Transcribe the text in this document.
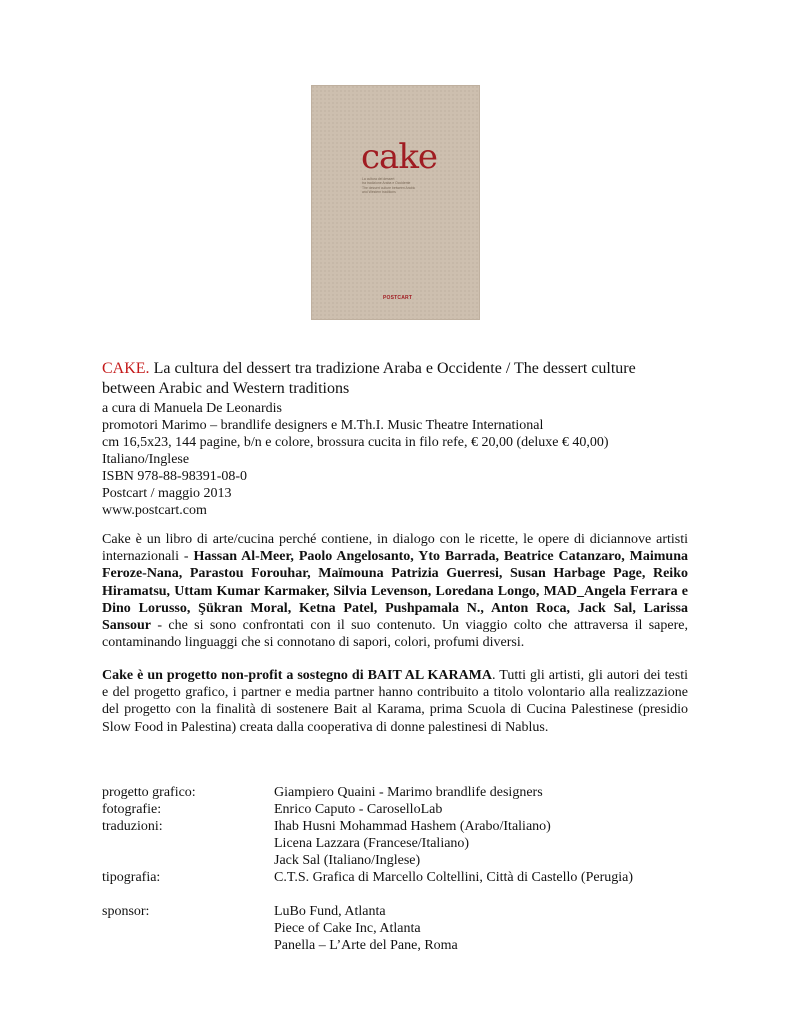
cake
La cultura del dessert
tra tradizione Araba e Occidente
The dessert culture between Arabic
and Western traditions
POSTCART
CAKE. La cultura del dessert tra tradizione Araba e Occidente / The dessert culture between Arabic and Western traditions
a cura di Manuela De Leonardis
promotori Marimo – brandlife designers e M.Th.I. Music Theatre International
cm 16,5x23, 144 pagine, b/n e colore, brossura cucita in filo refe, € 20,00 (deluxe € 40,00)
Italiano/Inglese
ISBN 978-88-98391-08-0
Postcart / maggio 2013
www.postcart.com
Cake è un libro di arte/cucina perché contiene, in dialogo con le ricette, le opere di diciannove artisti internazionali - Hassan Al-Meer, Paolo Angelosanto, Yto Barrada, Beatrice Catanzaro, Maimuna Feroze-Nana, Parastou Forouhar, Maïmouna Patrizia Guerresi, Susan Harbage Page, Reiko Hiramatsu, Uttam Kumar Karmaker, Silvia Levenson, Loredana Longo, MAD_Angela Ferrara e Dino Lorusso, Şükran Moral, Ketna Patel, Pushpamala N., Anton Roca, Jack Sal, Larissa Sansour - che si sono confrontati con il suo contenuto. Un viaggio colto che attraversa il sapere, contaminando linguaggi che si connotano di sapori, colori, profumi diversi.
Cake è un progetto non-profit a sostegno di BAIT AL KARAMA. Tutti gli artisti, gli autori dei testi e del progetto grafico, i partner e media partner hanno contribuito a titolo volontario alla realizzazione del progetto con la finalità di sostenere Bait al Karama, prima Scuola di Cucina Palestinese (presidio Slow Food in Palestina) creata dalla cooperativa di donne palestinesi di Nablus.
progetto grafico:	Giampiero Quaini - Marimo brandlife designers
fotografie:	Enrico Caputo - CaroselloLab
traduzioni:	Ihab Husni Mohammad Hashem (Arabo/Italiano)
Licena Lazzara (Francese/Italiano)
Jack Sal (Italiano/Inglese)
tipografia:	C.T.S. Grafica di Marcello Coltellini, Città di Castello (Perugia)
sponsor:	LuBo Fund, Atlanta
Piece of Cake Inc, Atlanta
Panella – L’Arte del Pane, Roma
